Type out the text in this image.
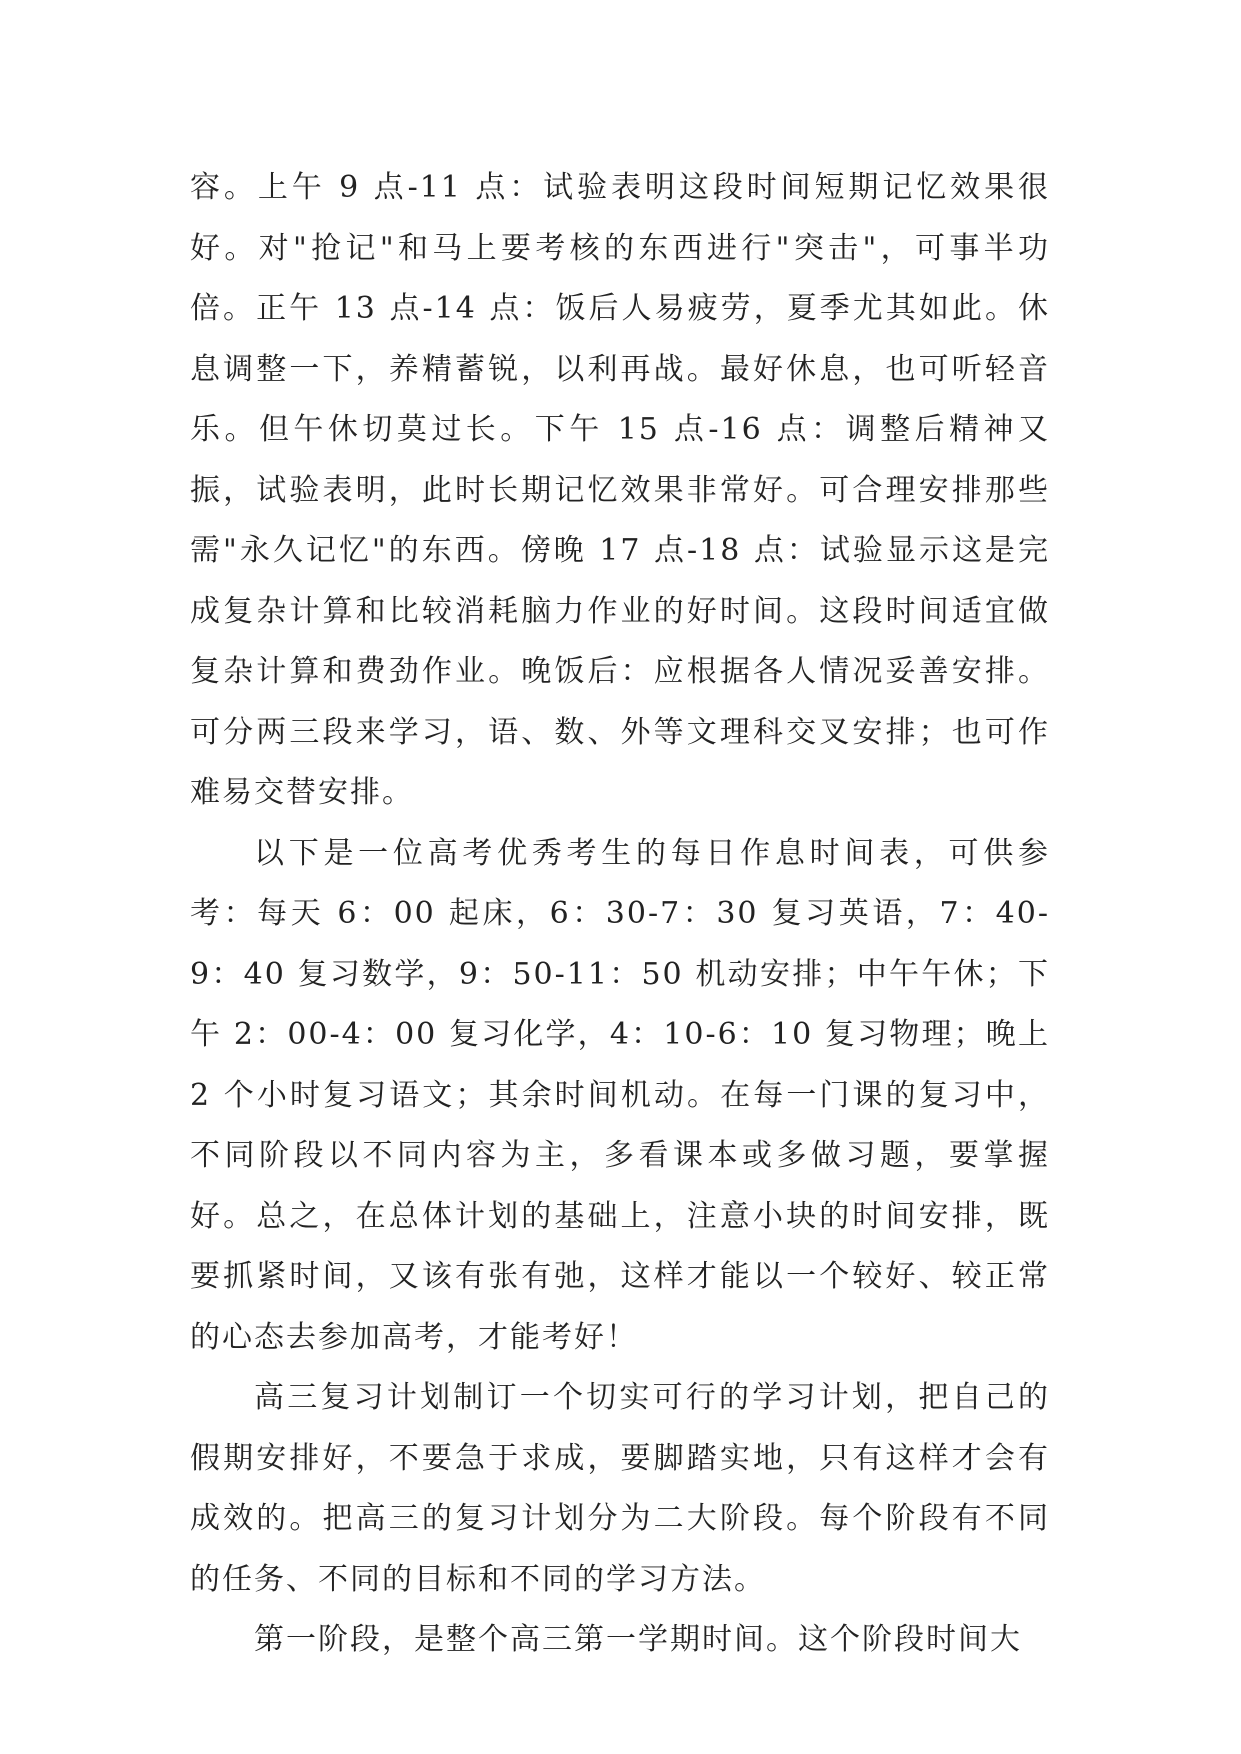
容。上午 9 点-11 点：试验表明这段时间短期记忆效果很好。对"抢记"和马上要考核的东西进行"突击"，可事半功倍。正午 13 点-14 点：饭后人易疲劳，夏季尤其如此。休息调整一下，养精蓄锐，以利再战。最好休息，也可听轻音乐。但午休切莫过长。下午 15 点-16 点：调整后精神又振，试验表明，此时长期记忆效果非常好。可合理安排那些需"永久记忆"的东西。傍晚 17 点-18 点：试验显示这是完成复杂计算和比较消耗脑力作业的好时间。这段时间适宜做复杂计算和费劲作业。晚饭后：应根据各人情况妥善安排。可分两三段来学习，语、数、外等文理科交叉安排；也可作难易交替安排。

以下是一位高考优秀考生的每日作息时间表，可供参考：每天 6：00 起床，6：30-7：30 复习英语，7：40-9：40 复习数学，9：50-11：50 机动安排；中午午休；下午 2：00-4：00 复习化学，4：10-6：10 复习物理；晚上 2 个小时复习语文；其余时间机动。在每一门课的复习中，不同阶段以不同内容为主，多看课本或多做习题，要掌握好。总之，在总体计划的基础上，注意小块的时间安排，既要抓紧时间，又该有张有弛，这样才能以一个较好、较正常的心态去参加高考，才能考好！

高三复习计划制订一个切实可行的学习计划，把自己的假期安排好，不要急于求成，要脚踏实地，只有这样才会有成效的。把高三的复习计划分为二大阶段。每个阶段有不同的任务、不同的目标和不同的学习方法。

第一阶段，是整个高三第一学期时间。这个阶段时间大
